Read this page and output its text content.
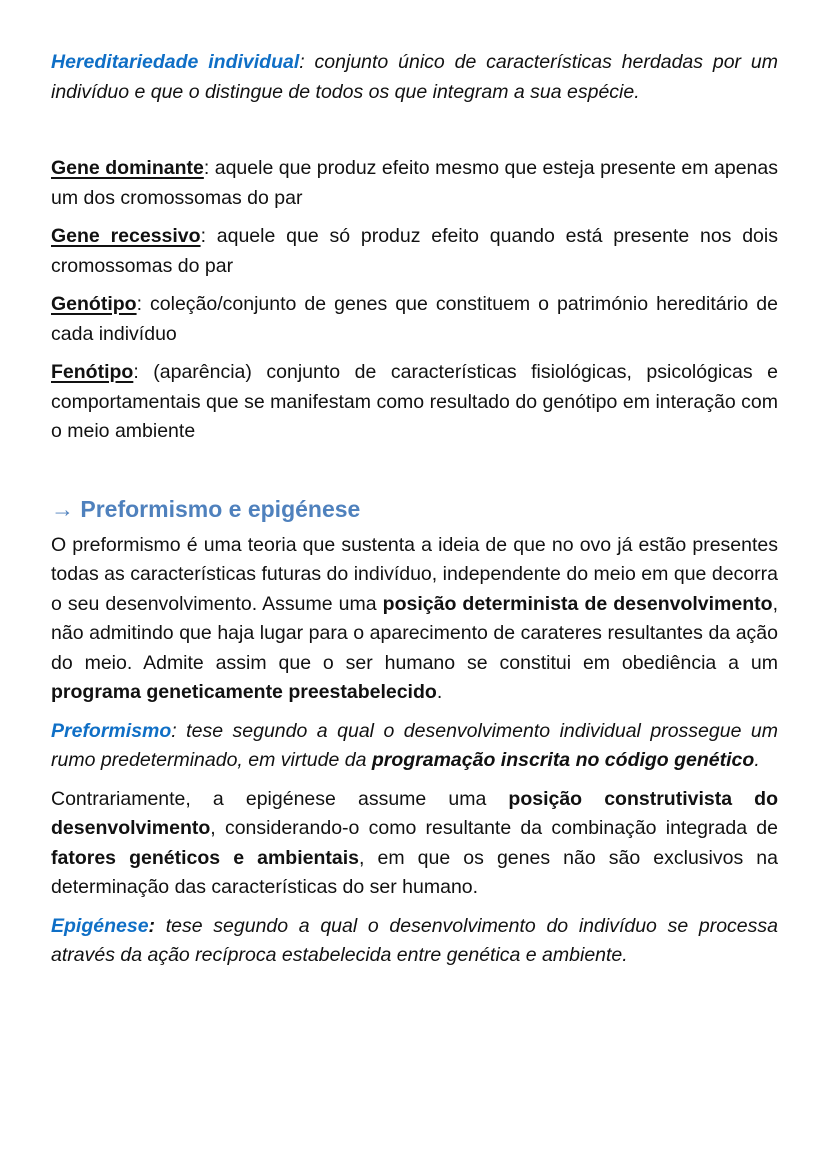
Hereditariedade individual: conjunto único de características herdadas por um indivíduo e que o distingue de todos os que integram a sua espécie.

Gene dominante: aquele que produz efeito mesmo que esteja presente em apenas um dos cromossomas do par

Gene recessivo: aquele que só produz efeito quando está presente nos dois cromossomas do par

Genótipo: coleção/conjunto de genes que constituem o património hereditário de cada indivíduo

Fenótipo: (aparência) conjunto de características fisiológicas, psicológicas e comportamentais que se manifestam como resultado do genótipo em interação com o meio ambiente

→ Preformismo e epigénese

O preformismo é uma teoria que sustenta a ideia de que no ovo já estão presentes todas as características futuras do indivíduo, independente do meio em que decorra o seu desenvolvimento. Assume uma posição determinista de desenvolvimento, não admitindo que haja lugar para o aparecimento de carateres resultantes da ação do meio. Admite assim que o ser humano se constitui em obediência a um programa geneticamente preestabelecido.

Preformismo: tese segundo a qual o desenvolvimento individual prossegue um rumo predeterminado, em virtude da programação inscrita no código genético.

Contrariamente, a epigénese assume uma posição construtivista do desenvolvimento, considerando-o como resultante da combinação integrada de fatores genéticos e ambientais, em que os genes não são exclusivos na determinação das características do ser humano.

Epigénese: tese segundo a qual o desenvolvimento do indivíduo se processa através da ação recíproca estabelecida entre genética e ambiente.
